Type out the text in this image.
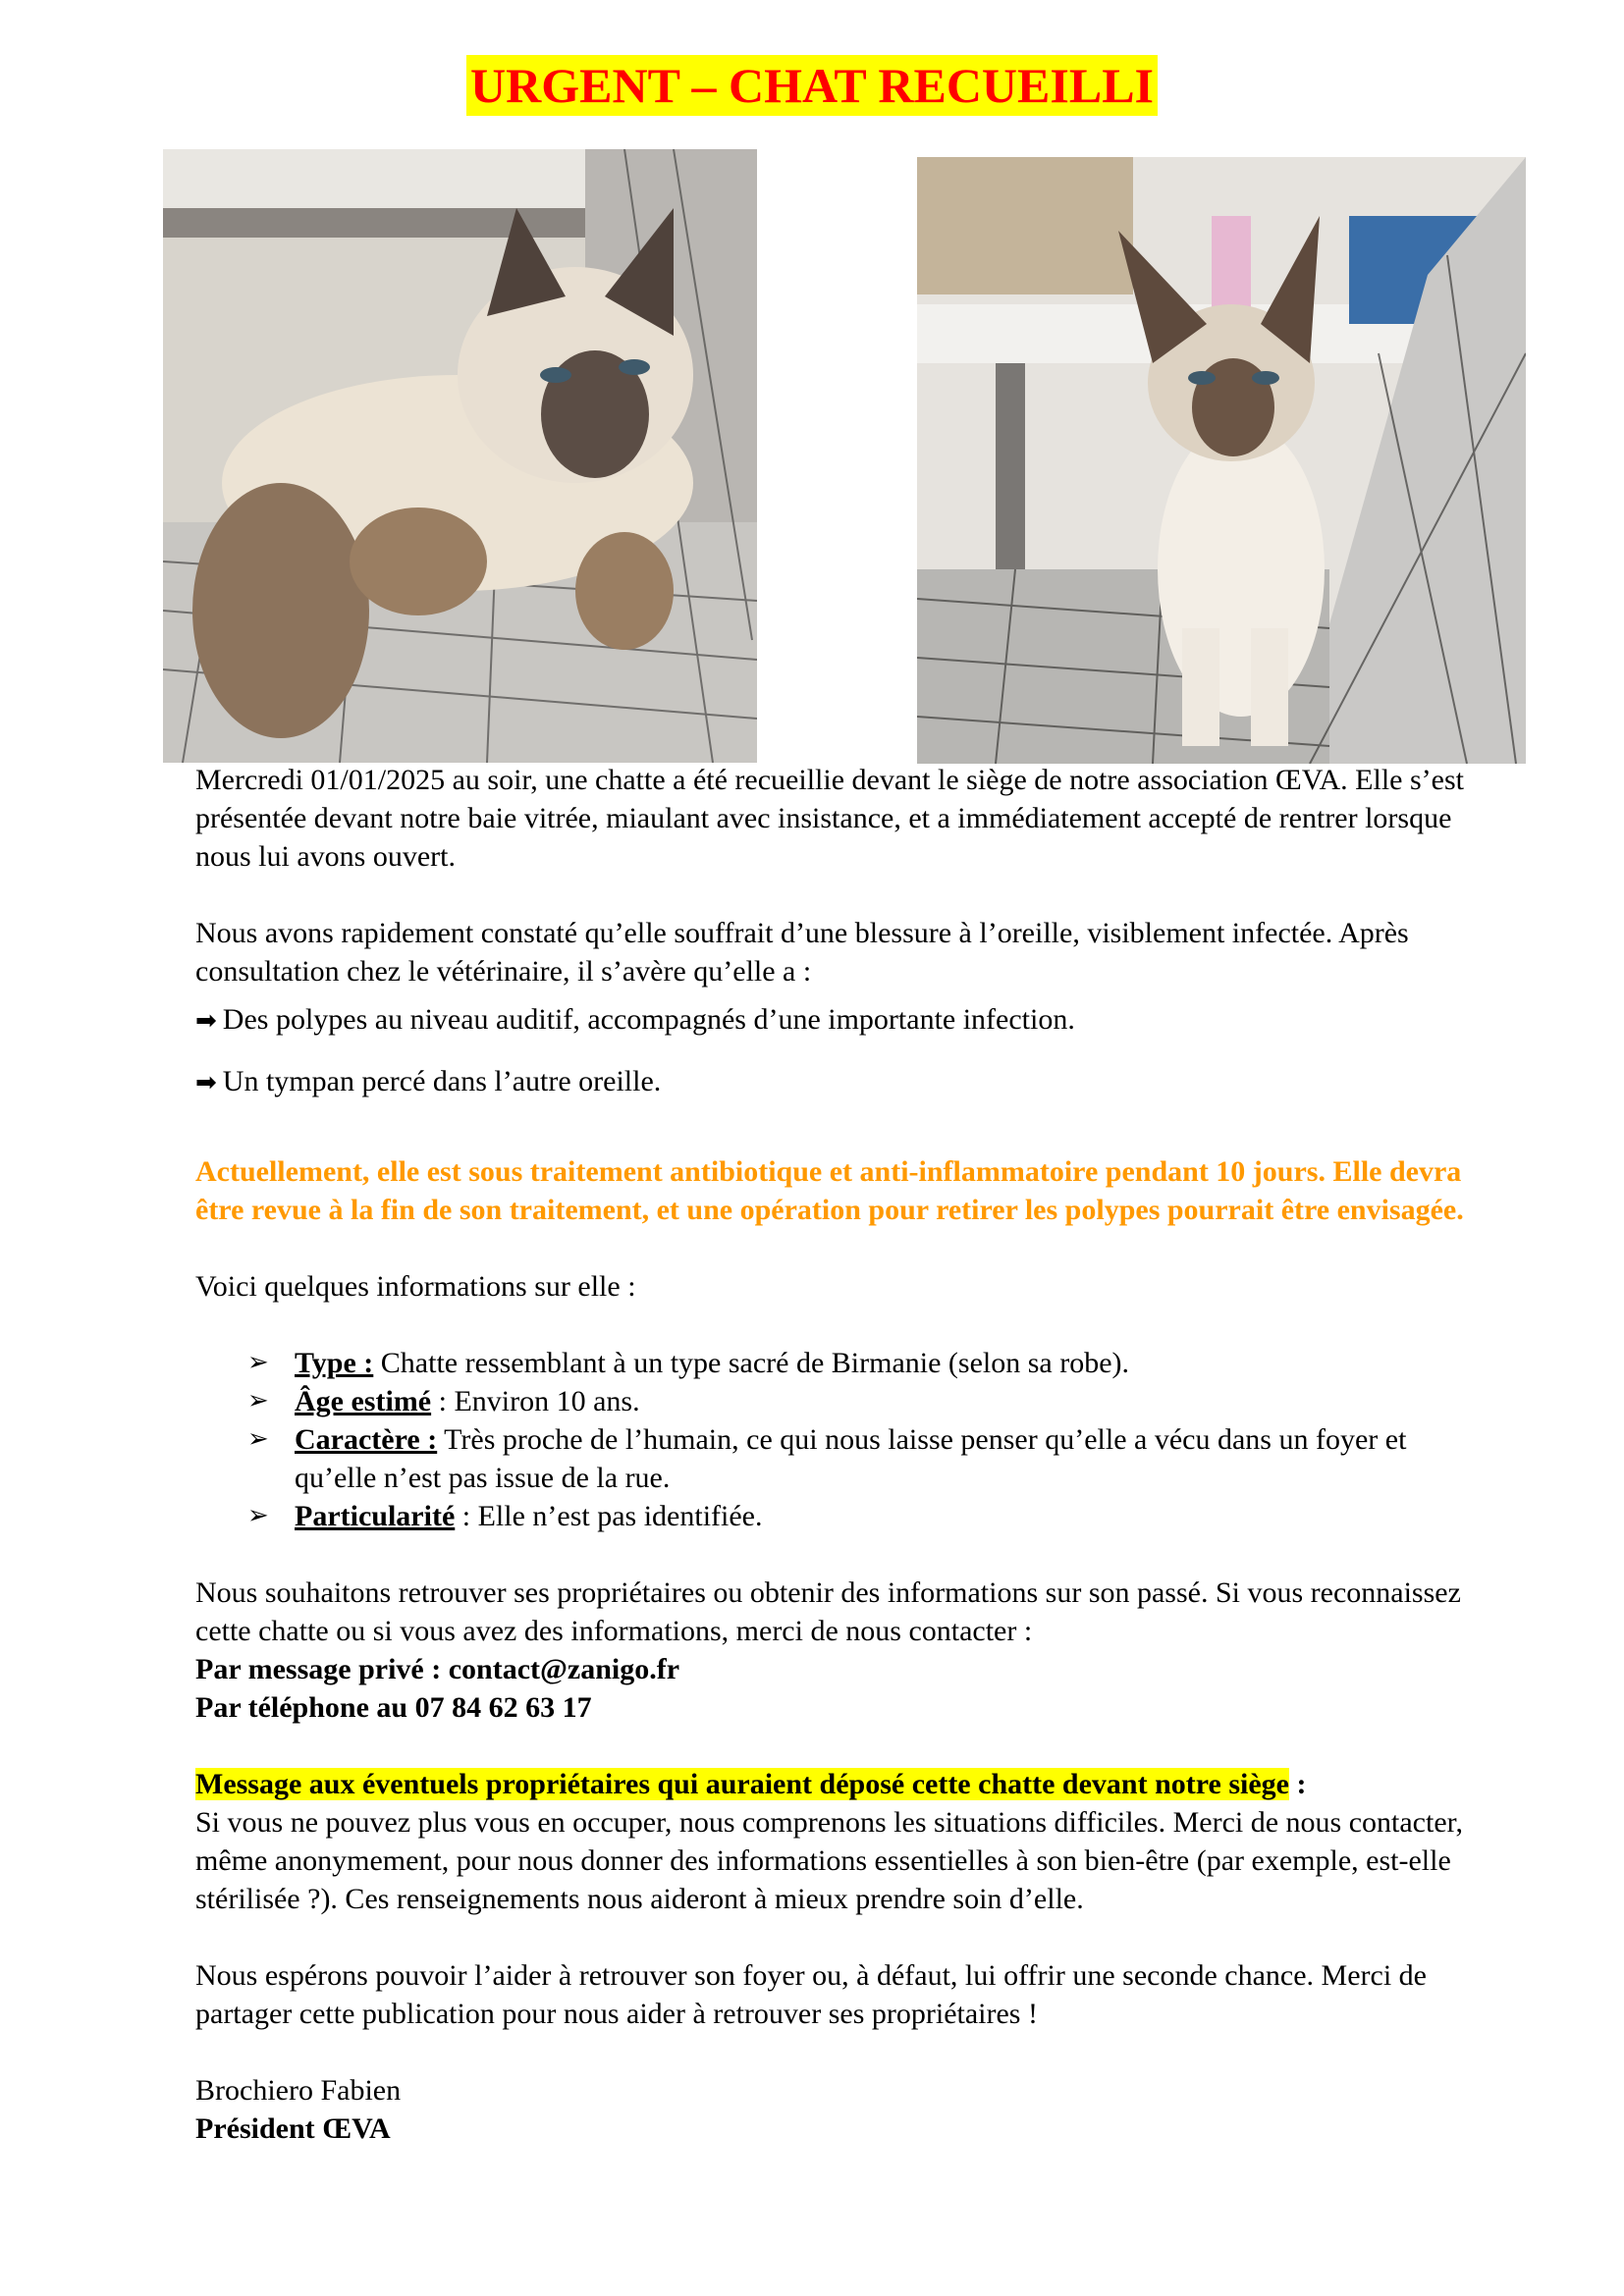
URGENT – CHAT RECUEILLI

Mercredi 01/01/2025 au soir, une chatte a été recueillie devant le siège de notre association ŒVA. Elle s’est présentée devant notre baie vitrée, miaulant avec insistance, et a immédiatement accepté de rentrer lorsque nous lui avons ouvert.

Nous avons rapidement constaté qu’elle souffrait d’une blessure à l’oreille, visiblement infectée. Après consultation chez le vétérinaire, il s’avère qu’elle a :

➡ Des polypes au niveau auditif, accompagnés d’une importante infection.

➡ Un tympan percé dans l’autre oreille.

Actuellement, elle est sous traitement antibiotique et anti-inflammatoire pendant 10 jours. Elle devra être revue à la fin de son traitement, et une opération pour retirer les polypes pourrait être envisagée.

Voici quelques informations sur elle :

➢ Type : Chatte ressemblant à un type sacré de Birmanie (selon sa robe).
➢ Âge estimé : Environ 10 ans.
➢ Caractère : Très proche de l’humain, ce qui nous laisse penser qu’elle a vécu dans un foyer et qu’elle n’est pas issue de la rue.
➢ Particularité : Elle n’est pas identifiée.

Nous souhaitons retrouver ses propriétaires ou obtenir des informations sur son passé. Si vous reconnaissez cette chatte ou si vous avez des informations, merci de nous contacter :

Par message privé : contact@zanigo.fr

Par téléphone au 07 84 62 63 17

Message aux éventuels propriétaires qui auraient déposé cette chatte devant notre siège :

Si vous ne pouvez plus vous en occuper, nous comprenons les situations difficiles. Merci de nous contacter, même anonymement, pour nous donner des informations essentielles à son bien-être (par exemple, est-elle stérilisée ?). Ces renseignements nous aideront à mieux prendre soin d’elle.

Nous espérons pouvoir l’aider à retrouver son foyer ou, à défaut, lui offrir une seconde chance. Merci de partager cette publication pour nous aider à retrouver ses propriétaires !

Brochiero Fabien

Président ŒVA
